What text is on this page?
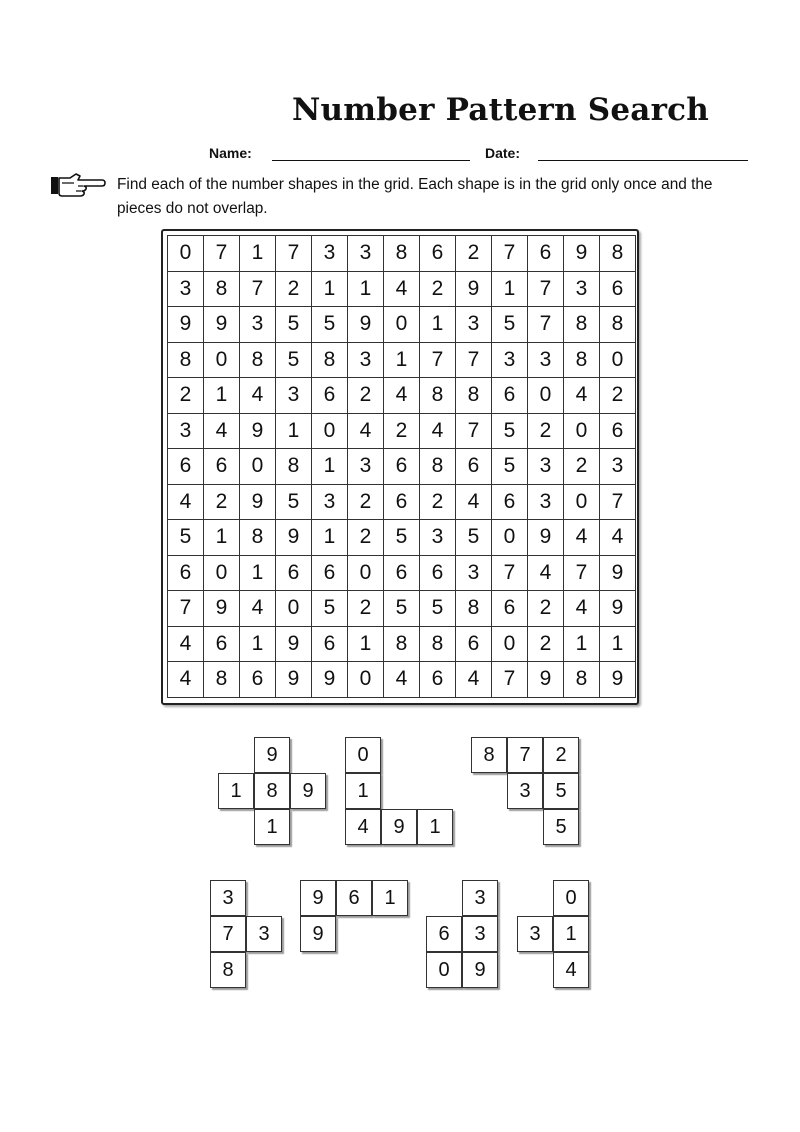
Number Pattern Search
Name:	Date:
Find each of the number shapes in the grid. Each shape is in the grid only once and the pieces do not overlap.
0	7	1	7	3	3	8	6	2	7	6	9	8
3	8	7	2	1	1	4	2	9	1	7	3	6
9	9	3	5	5	9	0	1	3	5	7	8	8
8	0	8	5	8	3	1	7	7	3	3	8	0
2	1	4	3	6	2	4	8	8	6	0	4	2
3	4	9	1	0	4	2	4	7	5	2	0	6
6	6	0	8	1	3	6	8	6	5	3	2	3
4	2	9	5	3	2	6	2	4	6	3	0	7
5	1	8	9	1	2	5	3	5	0	9	4	4
6	0	1	6	6	0	6	6	3	7	4	7	9
7	9	4	0	5	2	5	5	8	6	2	4	9
4	6	1	9	6	1	8	8	6	0	2	1	1
4	8	6	9	9	0	4	6	4	7	9	8	9
9
1	8	9
1
0
1
4	9	1
8	7	2
3	5
5
3
7	3
8
9	6	1
9
3
6	3
0	9
0
3	1
4
